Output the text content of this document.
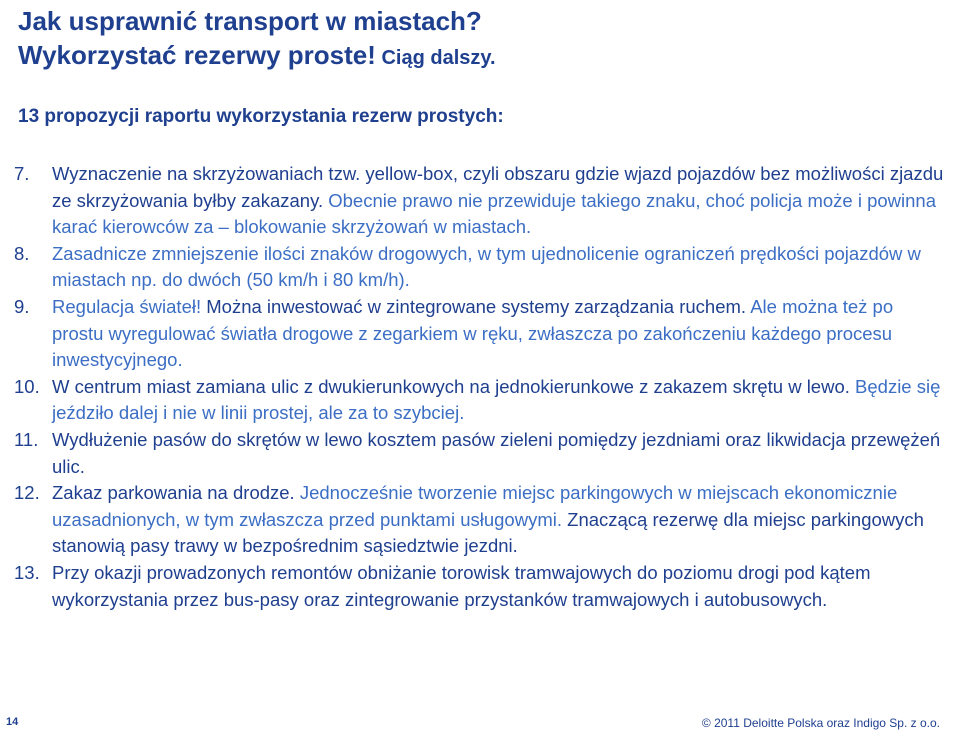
Jak usprawnić transport w miastach?
Wykorzystać rezerwy proste! Ciąg dalszy.
13 propozycji raportu wykorzystania rezerw prostych:
7. Wyznaczenie na skrzyżowaniach tzw. yellow-box, czyli obszaru gdzie wjazd pojazdów bez możliwości zjazdu ze skrzyżowania byłby zakazany. Obecnie prawo nie przewiduje takiego znaku, choć policja może i powinna karać kierowców za – blokowanie skrzyżowań w miastach.
8. Zasadnicze zmniejszenie ilości znaków drogowych, w tym ujednolicenie ograniczeń prędkości pojazdów w miastach np. do dwóch (50 km/h i 80 km/h).
9. Regulacja świateł! Można inwestować w zintegrowane systemy zarządzania ruchem. Ale można też po prostu wyregulować światła drogowe z zegarkiem w ręku, zwłaszcza po zakończeniu każdego procesu inwestycyjnego.
10. W centrum miast zamiana ulic z dwukierunkowych na jednokierunkowe z zakazem skrętu w lewo. Będzie się jeździło dalej i nie w linii prostej, ale za to szybciej.
11. Wydłużenie pasów do skrętów w lewo kosztem pasów zieleni pomiędzy jezdniami oraz likwidacja przewężeń ulic.
12. Zakaz parkowania na drodze. Jednocześnie tworzenie miejsc parkingowych w miejscach ekonomicznie uzasadnionych, w tym zwłaszcza przed punktami usługowymi. Znaczącą rezerwę dla miejsc parkingowych stanowią pasy trawy w bezpośrednim sąsiedztwie jezdni.
13. Przy okazji prowadzonych remontów obniżanie torowisk tramwajowych do poziomu drogi pod kątem wykorzystania przez bus-pasy oraz zintegrowanie przystanków tramwajowych i autobusowych.
14	© 2011 Deloitte Polska oraz Indigo Sp. z o.o.
